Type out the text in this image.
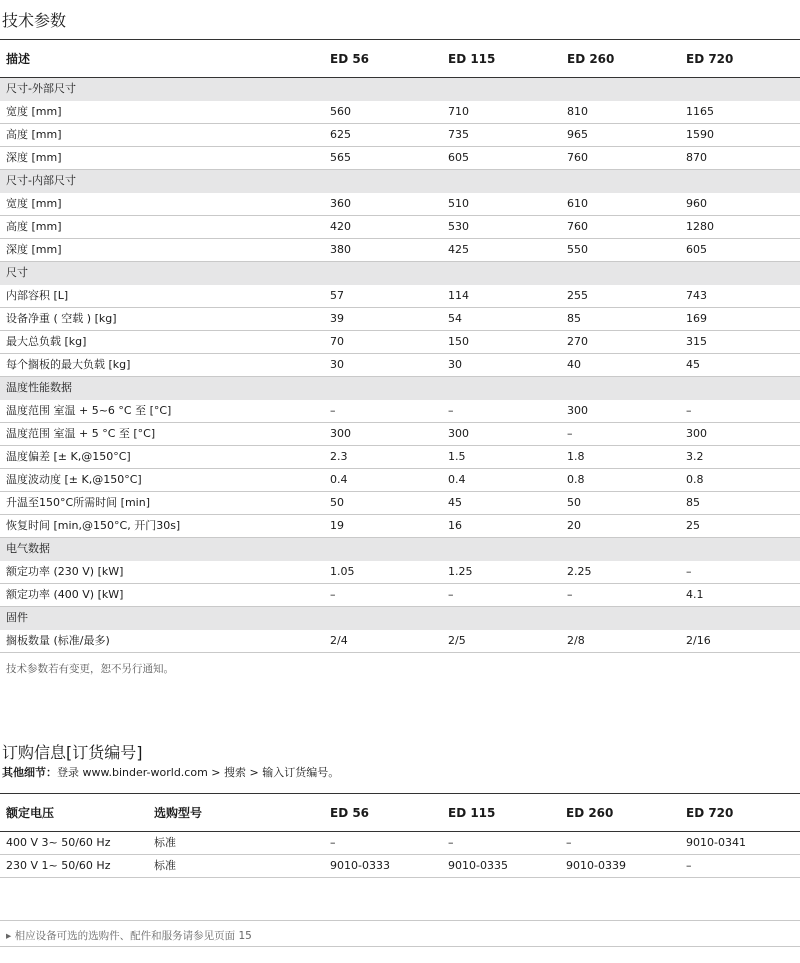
技术参数
描述	ED 56	ED 115	ED 260	ED 720
尺寸-外部尺寸
宽度 [mm]	560	710	810	1165
高度 [mm]	625	735	965	1590
深度 [mm]	565	605	760	870
尺寸-内部尺寸
宽度 [mm]	360	510	610	960
高度 [mm]	420	530	760	1280
深度 [mm]	380	425	550	605
尺寸
内部容积 [L]	57	114	255	743
设备净重 ( 空载 ) [kg]	39	54	85	169
最大总负载 [kg]	70	150	270	315
每个搁板的最大负载 [kg]	30	30	40	45
温度性能数据
温度范围 室温 + 5~6 °C 至 [°C]	–	–	300	–
温度范围 室温 + 5 °C 至 [°C]	300	300	–	300
温度偏差 [± K,@150°C]	2.3	1.5	1.8	3.2
温度波动度 [± K,@150°C]	0.4	0.4	0.8	0.8
升温至150°C所需时间 [min]	50	45	50	85
恢复时间 [min,@150°C, 开门30s]	19	16	20	25
电气数据
额定功率 (230 V) [kW]	1.05	1.25	2.25	–
额定功率 (400 V) [kW]	–	–	–	4.1
固件
搁板数量 (标准/最多)	2/4	2/5	2/8	2/16
技术参数若有变更，恕不另行通知。
订购信息[订货编号]
其他细节：登录 www.binder-world.com > 搜索 > 输入订货编号。
额定电压	选购型号	ED 56	ED 115	ED 260	ED 720
400 V 3~ 50/60 Hz	标准	–	–	–	9010-0341
230 V 1~ 50/60 Hz	标准	9010-0333	9010-0335	9010-0339	–
▸ 相应设备可选的选购件、配件和服务请参见页面 15
